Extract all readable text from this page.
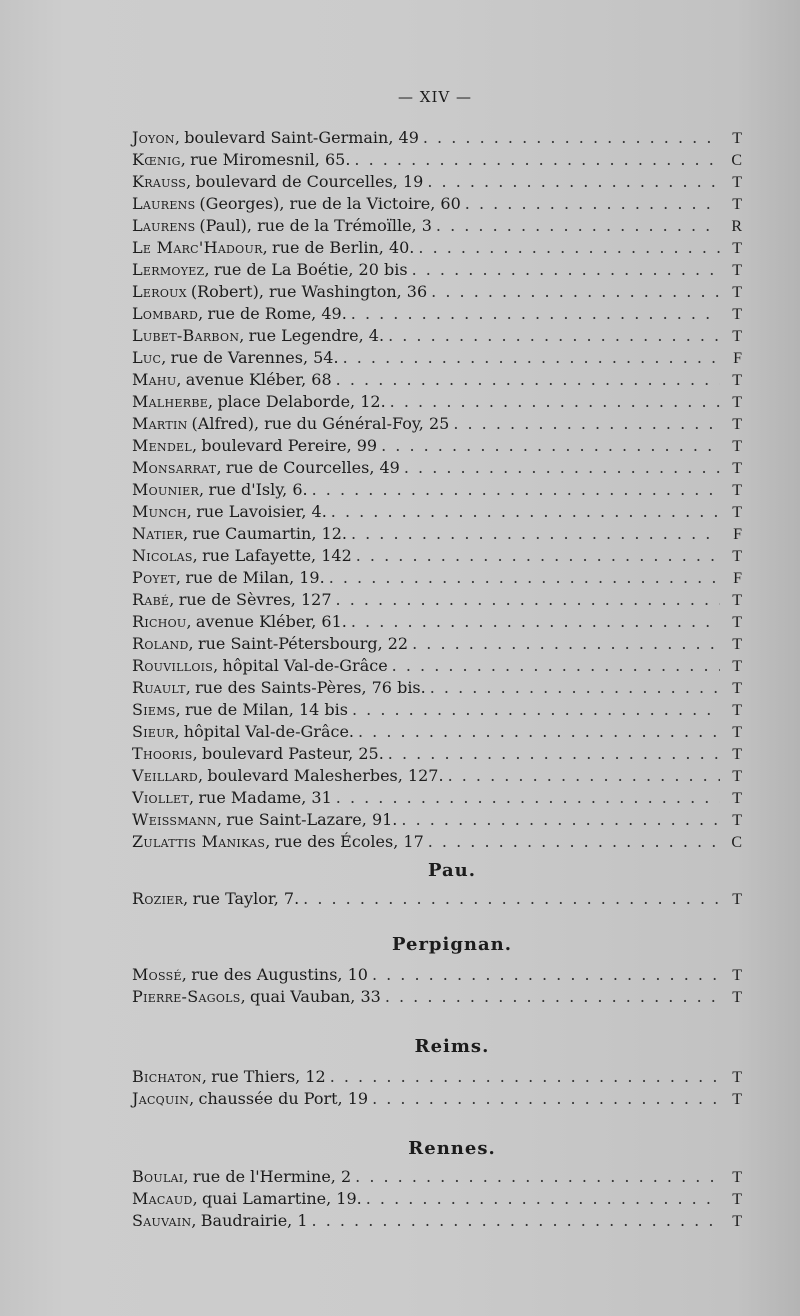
— XIV —
Joyon, boulevard Saint-Germain, 49 . . .	T
Kœnig, rue Miromesnil, 65. . . .	C
Krauss, boulevard de Courcelles, 19 . . .	T
Laurens (Georges), rue de la Victoire, 60 . . .	T
Laurens (Paul), rue de la Trémoïlle, 3 . . .	R
Le Marc'Hadour, rue de Berlin, 40. . . .	T
Lermoyez, rue de La Boétie, 20 bis . . .	T
Leroux (Robert), rue Washington, 36 . . .	T
Lombard, rue de Rome, 49. . . .	T
Lubet-Barbon, rue Legendre, 4. . . .	T
Luc, rue de Varennes, 54. . . .	F
Mahu, avenue Kléber, 68 . . .	T
Malherbe, place Delaborde, 12. . . .	T
Martin (Alfred), rue du Général-Foy, 25 . . .	T
Mendel, boulevard Pereire, 99 . . .	T
Monsarrat, rue de Courcelles, 49 . . .	T
Mounier, rue d'Isly, 6. . . .	T
Munch, rue Lavoisier, 4. . . .	T
Natier, rue Caumartin, 12. . . .	F
Nicolas, rue Lafayette, 142 . . .	T
Poyet, rue de Milan, 19. . . .	F
Rabé, rue de Sèvres, 127 . . .	T
Richou, avenue Kléber, 61. . . .	T
Roland, rue Saint-Pétersbourg, 22 . . .	T
Rouvillois, hôpital Val-de-Grâce . . .	T
Ruault, rue des Saints-Pères, 76 bis. . . .	T
Siems, rue de Milan, 14 bis . . .	T
Sieur, hôpital Val-de-Grâce. . . .	T
Thooris, boulevard Pasteur, 25. . . .	T
Veillard, boulevard Malesherbes, 127. . . .	T
Viollet, rue Madame, 31 . . .	T
Weissmann, rue Saint-Lazare, 91. . . .	T
Zulattis Manikas, rue des Écoles, 17 . . .	C
Pau.
Rozier, rue Taylor, 7. . . .	T
Perpignan.
Mossé, rue des Augustins, 10 . . .	T
Pierre-Sagols, quai Vauban, 33 . . .	T
Reims.
Bichaton, rue Thiers, 12 . . .	T
Jacquin, chaussée du Port, 19 . . .	T
Rennes.
Boulai, rue de l'Hermine, 2 . . .	T
Macaud, quai Lamartine, 19. . . .	T
Sauvain, Baudrairie, 1 . . .	T
